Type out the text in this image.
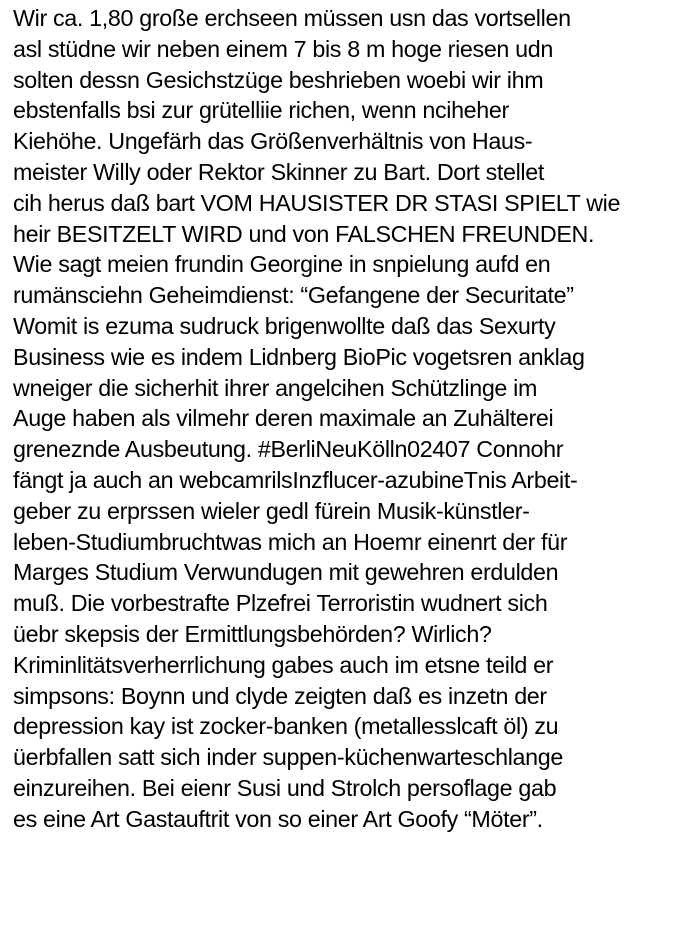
Wir ca. 1,80 große erchseen müssen usn das vortsellen
asl stüdne wir neben einem 7 bis 8 m hoge riesen udn
solten dessn Gesichstzüge beshrieben woebi wir ihm
ebstenfalls bsi zur grütelliie richen, wenn nciheher
Kiehöhe. Ungefärh das Größenverhältnis von Haus-
meister Willy oder Rektor Skinner zu Bart. Dort stellet
cih herus daß bart VOM HAUSISTER DR STASI SPIELT wie
heir BESITZELT WIRD und von FALSCHEN FREUNDEN.
Wie sagt meien frundin Georgine in snpielung aufd en
rumänsciehn Geheimdienst: “Gefangene der Securitate”
Womit is ezuma sudruck brigenwollte daß das Sexurty
Business wie es indem Lidnberg BioPic vogetsren anklag
wneiger die sicherhit ihrer angelcihen Schützlinge im
Auge haben als vilmehr deren maximale an Zuhälterei
greneznde Ausbeutung. #BerliNeuKölln02407 Connohr
fängt ja auch an webcamrilsInzflucer-azubineTnis Arbeit-
geber zu erprssen wieler gedl fürein Musik-künstler-
leben-Studiumbruchtwas mich an Hoemr einenrt der für
Marges Studium Verwundugen mit gewehren erdulden
muß. Die vorbestrafte Plzefrei Terroristin wudnert sich
üebr skepsis der Ermittlungsbehörden? Wirlich?
Kriminlitätsverherrlichung gabes auch im etsne teild er
simpsons: Boynn und clyde zeigten daß es inzetn der
depression kay ist zocker-banken (metallesslcaft öl) zu
üerbfallen satt sich inder suppen-küchenwarteschlange
einzureihen. Bei eienr Susi und Strolch persoflage gab
es eine Art Gastauftrit von so einer Art Goofy “Möter”.
